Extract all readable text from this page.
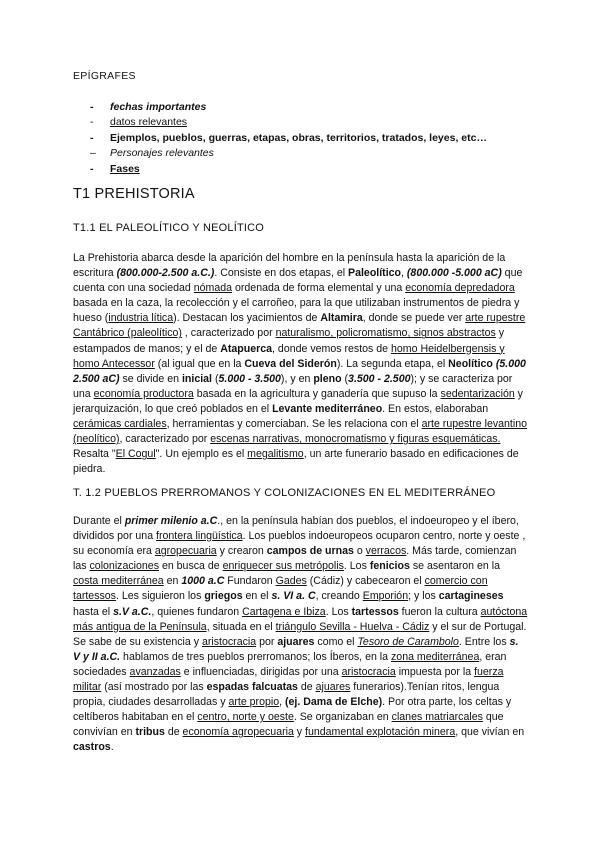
EPÍGRAFES
- fechas importantes
- datos relevantes
- Ejemplos, pueblos, guerras, etapas, obras, territorios, tratados, leyes, etc…
– Personajes relevantes
- Fases
T1 PREHISTORIA
T1.1 EL PALEOLÍTICO Y NEOLÍTICO

La Prehistoria abarca desde la aparición del hombre en la península hasta la aparición de la escritura (800.000-2.500 a.C.). Consiste en dos etapas, el Paleolítico, (800.000 -5.000 aC) que cuenta con una sociedad nómada ordenada de forma elemental y una economía depredadora basada en la caza, la recolección y el carroñeo, para la que utilizaban instrumentos de piedra y hueso (industria lítica). Destacan los yacimientos de Altamira, donde se puede ver arte rupestre Cantábrico (paleolítico) , caracterizado por naturalismo, policromatismo, signos abstractos y estampados de manos; y el de Atapuerca, donde vemos restos de homo Heidelbergensis y homo Antecessor (al igual que en la Cueva del Siderón). La segunda etapa, el Neolítico (5.000 2.500 aC) se divide en inicial (5.000 - 3.500), y en pleno (3.500 - 2.500); y se caracteriza por una economía productora basada en la agricultura y ganadería que supuso la sedentarización y jerarquización, lo que creó poblados en el Levante mediterráneo. En estos, elaboraban cerámicas cardiales, herramientas y comerciaban. Se les relaciona con el arte rupestre levantino (neolítico), caracterizado por escenas narrativas, monocromatismo y figuras esquemáticas. Resalta "El Cogul". Un ejemplo es el megalitismo, un arte funerario basado en edificaciones de piedra.

T. 1.2 PUEBLOS PRERROMANOS Y COLONIZACIONES EN EL MEDITERRÁNEO

Durante el primer milenio a.C., en la península habían dos pueblos, el indoeuropeo y el íbero, divididos por una frontera lingüística. Los pueblos indoeuropeos ocuparon centro, norte y oeste , su economía era agropecuaria y crearon campos de urnas o verracos. Más tarde, comienzan las colonizaciones en busca de enriquecer sus metrópolis. Los fenicios se asentaron en la costa mediterránea en 1000 a.C Fundaron Gades (Cádiz) y cabecearon el comercio con tartessos. Les siguieron los griegos en el s. VI a. C, creando Emporión; y los cartagineses hasta el s.V a.C., quienes fundaron Cartagena e Ibiza. Los tartessos fueron la cultura autóctona más antigua de la Península, situada en el triángulo Sevilla - Huelva - Cádiz y el sur de Portugal. Se sabe de su existencia y aristocracia por ajuares como el Tesoro de Carambolo. Entre los s. V y II a.C. hablamos de tres pueblos prerromanos; los Íberos, en la zona mediterránea, eran sociedades avanzadas e influenciadas, dirigidas por una aristocracia impuesta por la fuerza militar (así mostrado por las espadas falcuatas de ajuares funerarios).Tenían ritos, lengua propia, ciudades desarrolladas y arte propio, (ej. Dama de Elche). Por otra parte, los celtas y celtíberos habitaban en el centro, norte y oeste. Se organizaban en clanes matriarcales que convivían en tribus de economía agropecuaria y fundamental explotación minera, que vivían en castros.
